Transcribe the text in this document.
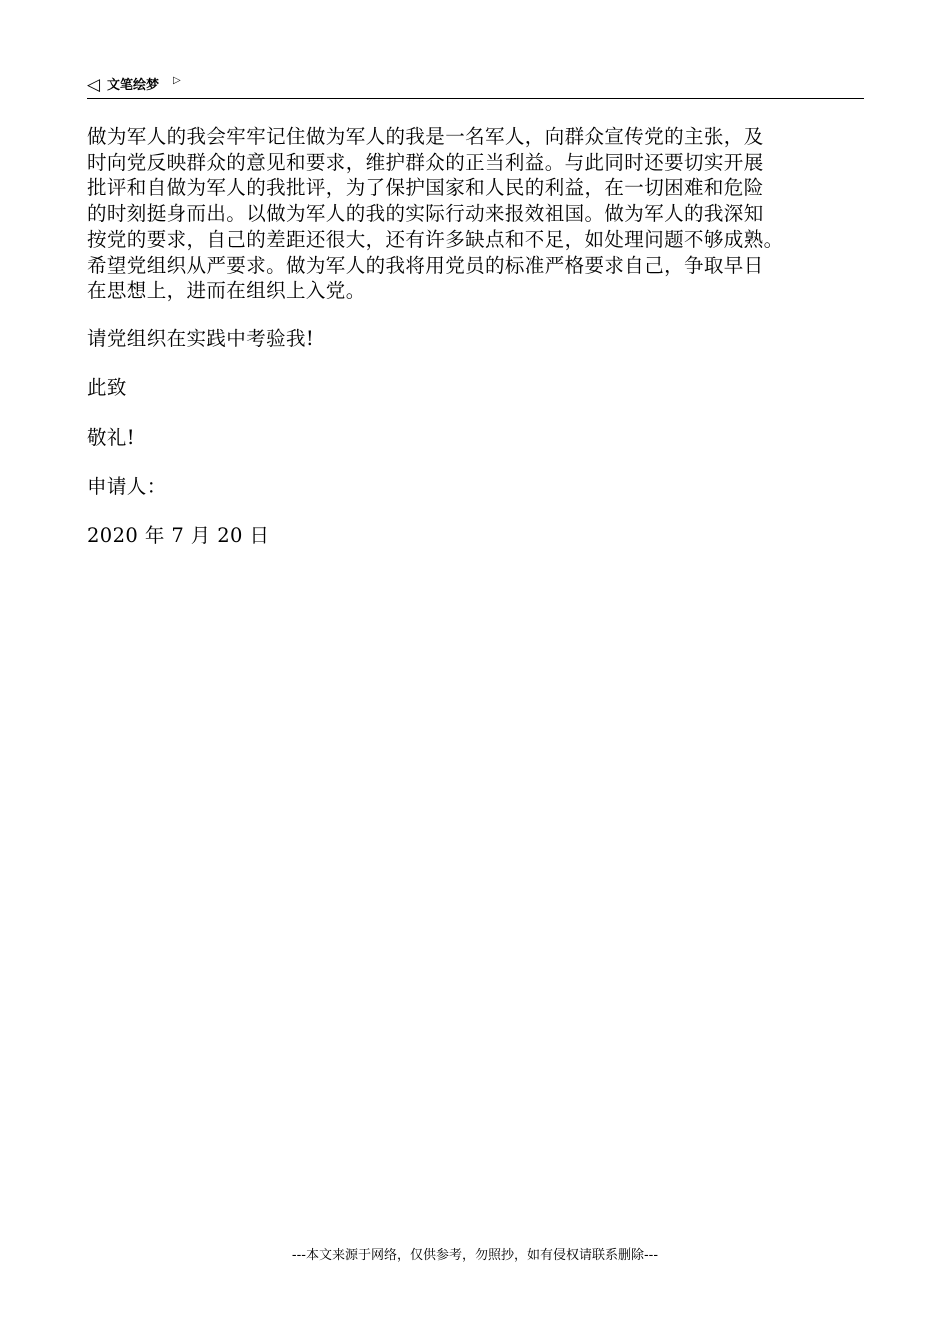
◁ 文笔绘梦 ▷

做为军人的我会牢牢记住做为军人的我是一名军人，向群众宣传党的主张，及
时向党反映群众的意见和要求，维护群众的正当利益。与此同时还要切实开展
批评和自做为军人的我批评，为了保护国家和人民的利益，在一切困难和危险
的时刻挺身而出。以做为军人的我的实际行动来报效祖国。做为军人的我深知
按党的要求，自己的差距还很大，还有许多缺点和不足，如处理问题不够成熟。
希望党组织从严要求。做为军人的我将用党员的标准严格要求自己，争取早日
在思想上，进而在组织上入党。

请党组织在实践中考验我!

此致

敬礼!

申请人：

2020 年 7 月 20 日

---本文来源于网络，仅供参考，勿照抄，如有侵权请联系删除---
